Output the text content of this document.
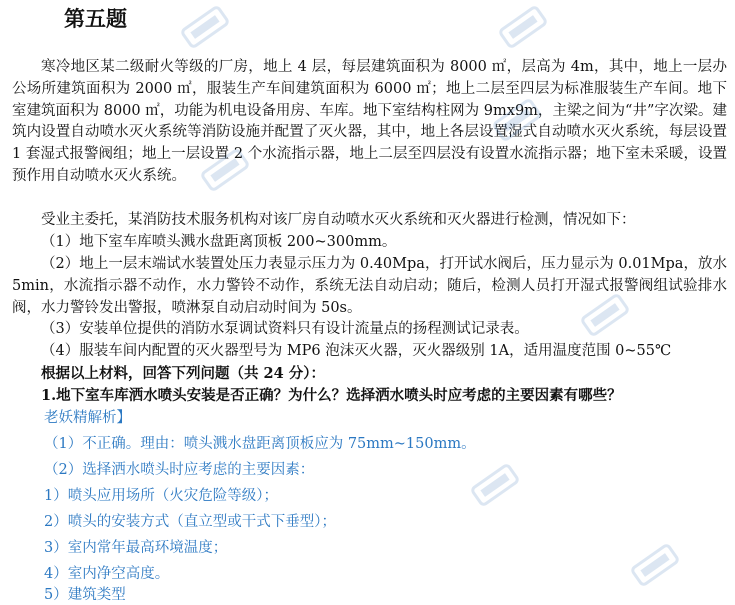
第五题
寒冷地区某二级耐火等级的厂房，地上 4 层，每层建筑面积为 8000 ㎡，层高为 4m，其中，地上一层办公场所建筑面积为 2000 ㎡，服装生产车间建筑面积为 6000 ㎡；地上二层至四层为标准服装生产车间。地下室建筑面积为 8000 ㎡，功能为机电设备用房、车库。地下室结构柱网为 9mx9m，主梁之间为“井”字次梁。建筑内设置自动喷水灭火系统等消防设施并配置了灭火器，其中，地上各层设置湿式自动喷水灭火系统，每层设置 1 套湿式报警阀组；地上一层设置 2 个水流指示器，地上二层至四层没有设置水流指示器；地下室未采暖，设置预作用自动喷水灭火系统。
受业主委托，某消防技术服务机构对该厂房自动喷水灭火系统和灭火器进行检测，情况如下：
（1）地下室车库喷头溅水盘距离顶板 200~300mm。
（2）地上一层末端试水装置处压力表显示压力为 0.40Mpa，打开试水阀后，压力显示为 0.01Mpa，放水 5min，水流指示器不动作，水力警铃不动作，系统无法自动启动；随后，检测人员打开湿式报警阀组试验排水阀，水力警铃发出警报，喷淋泵自动启动时间为 50s。
（3）安装单位提供的消防水泵调试资料只有设计流量点的扬程测试记录表。
（4）服装车间内配置的灭火器型号为 MP6 泡沫灭火器，灭火器级别 1A，适用温度范围 0~55℃
根据以上材料，回答下列问题（共 24 分）：
1.地下室车库洒水喷头安装是否正确？为什么？选择洒水喷头时应考虑的主要因素有哪些？
老妖精解析】
（1）不正确。理由：喷头溅水盘距离顶板应为 75mm~150mm。
（2）选择洒水喷头时应考虑的主要因素：
1）喷头应用场所（火灾危险等级）；
2）喷头的安装方式（直立型或干式下垂型）；
3）室内常年最高环境温度；
4）室内净空高度。
5）建筑类型
